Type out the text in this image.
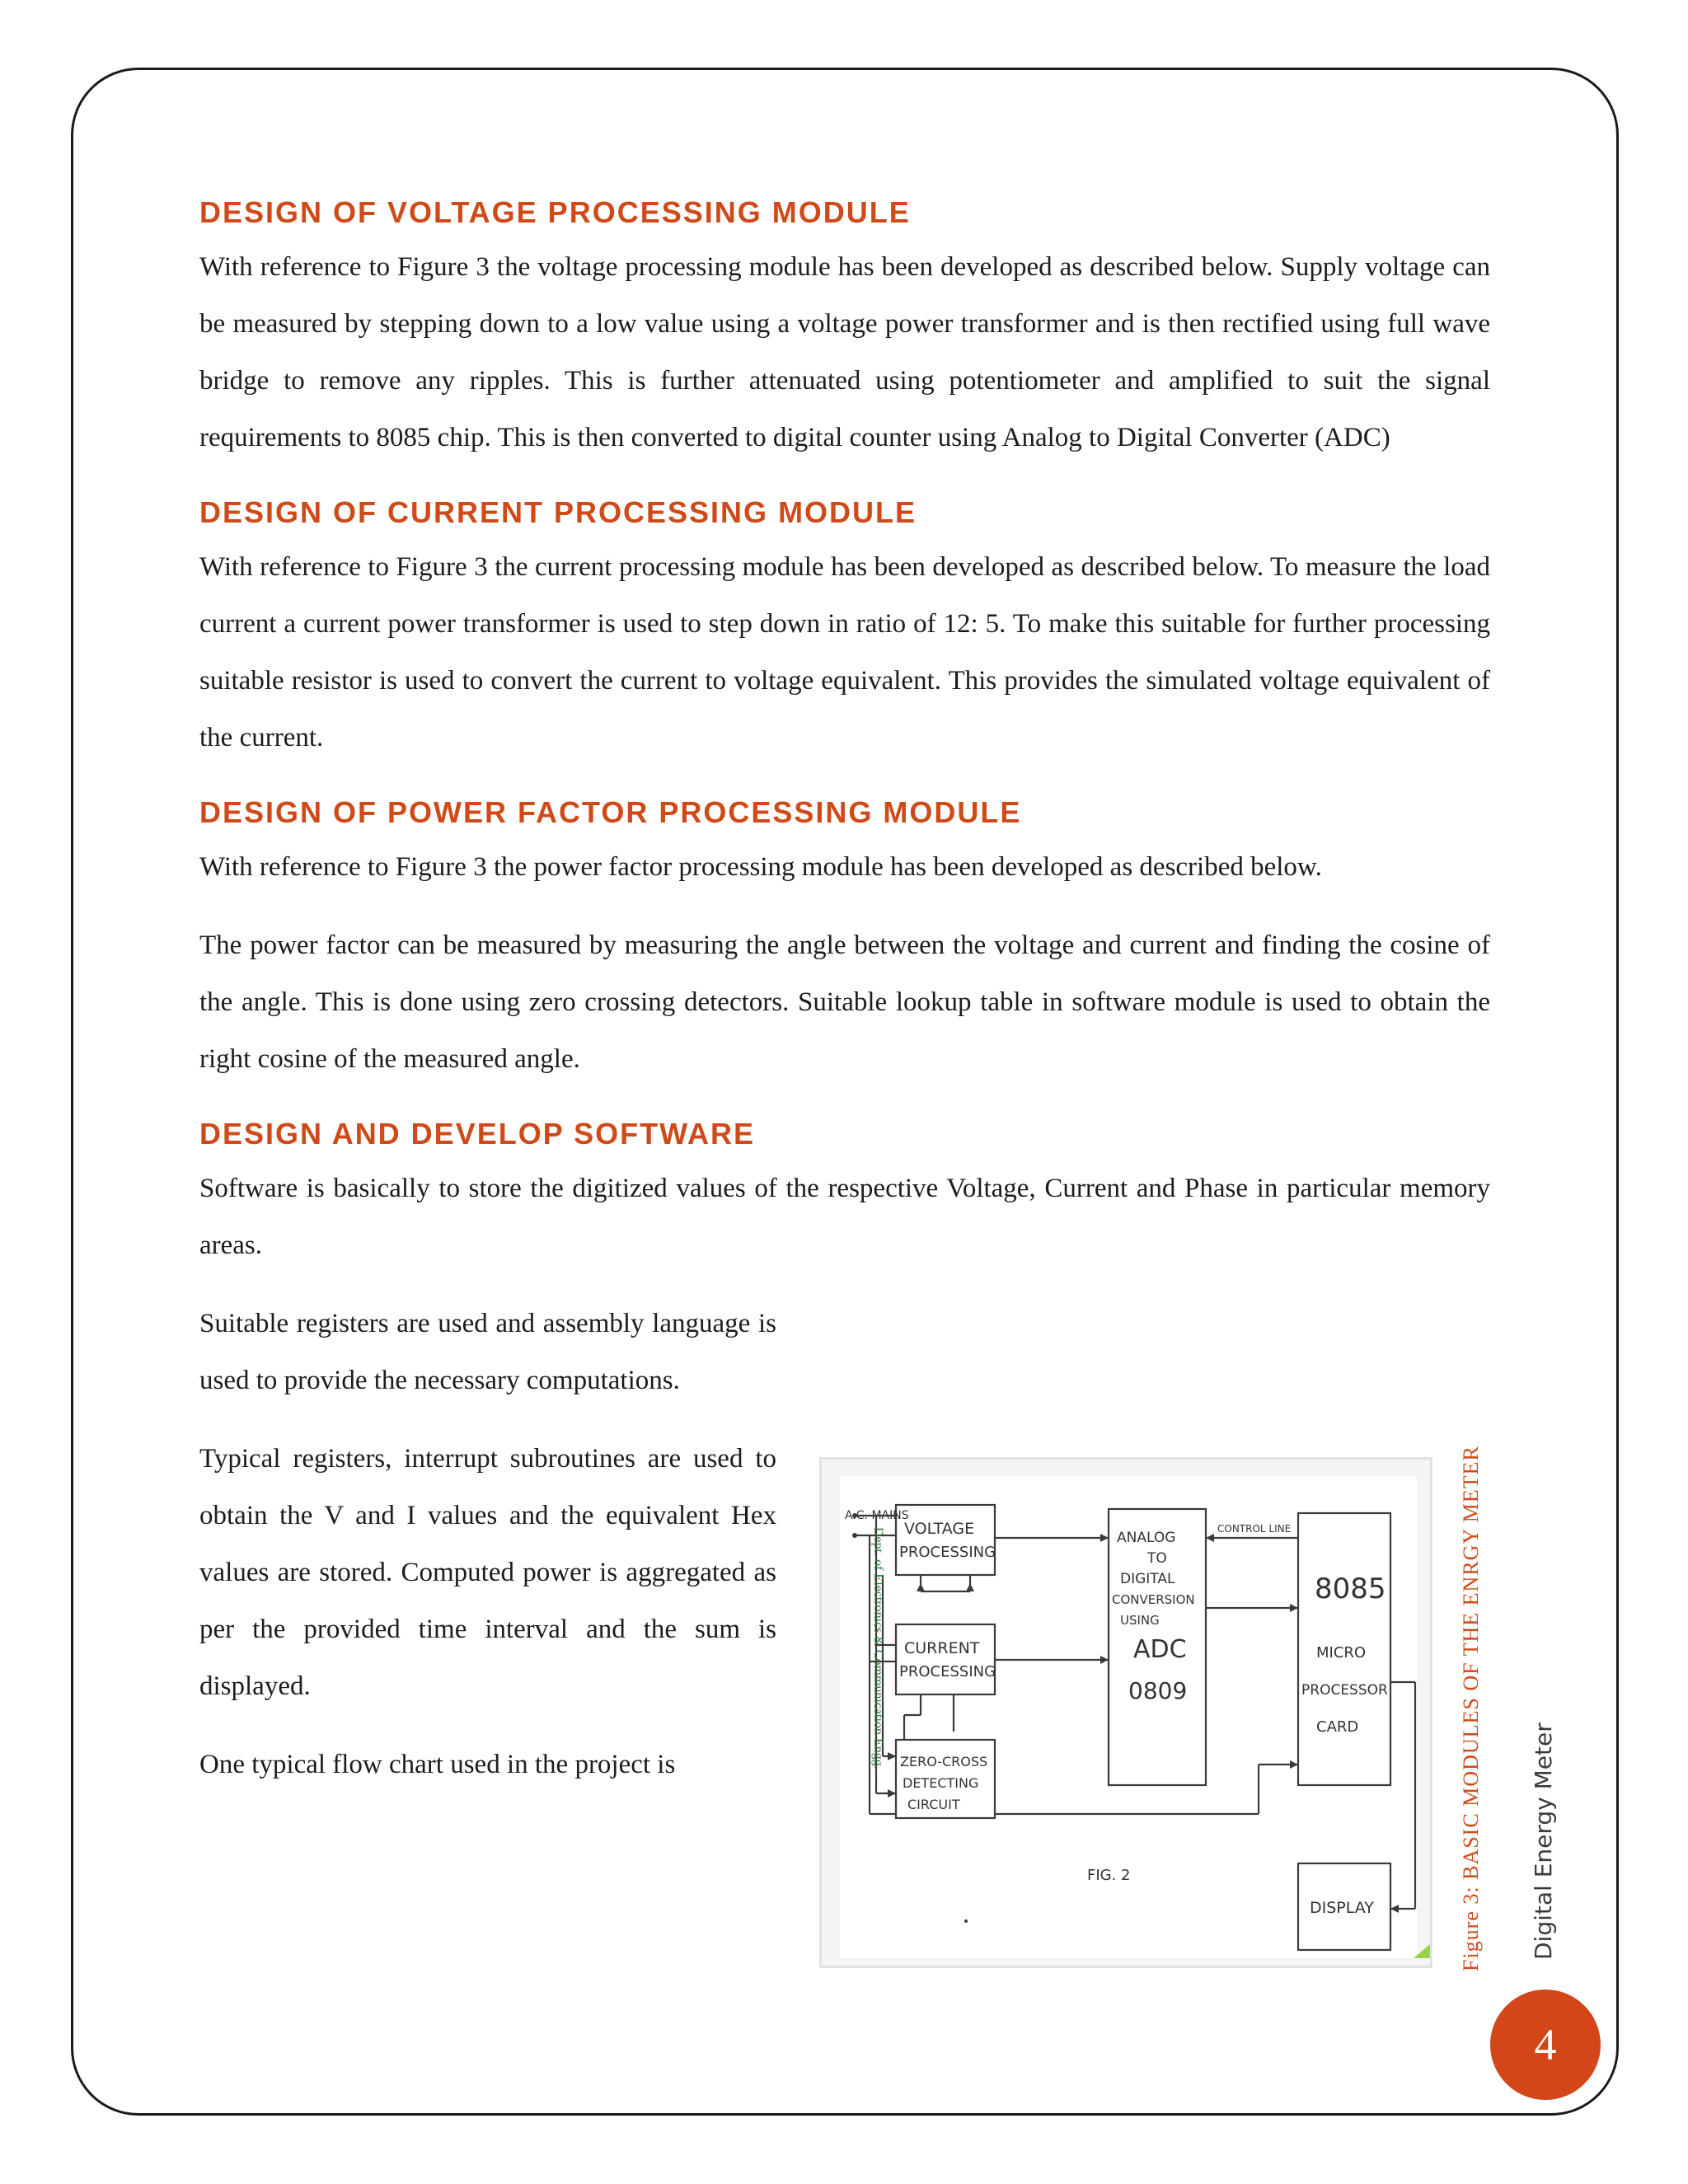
DESIGN OF VOLTAGE PROCESSING MODULE

With reference to Figure 3 the voltage processing module has been developed as described below. Supply voltage can be measured by stepping down to a low value using a voltage power transformer and is then rectified using full wave bridge to remove any ripples. This is further attenuated using potentiometer and amplified to suit the signal requirements to 8085 chip. This is then converted to digital counter using Analog to Digital Converter (ADC)

DESIGN OF CURRENT PROCESSING MODULE

With reference to Figure 3 the current processing module has been developed as described below. To measure the load current a current power transformer is used to step down in ratio of 12: 5. To make this suitable for further processing suitable resistor is used to convert the current to voltage equivalent. This provides the simulated voltage equivalent of the current.

DESIGN OF POWER FACTOR PROCESSING MODULE

With reference to Figure 3 the power factor processing module has been developed as described below.

The power factor can be measured by measuring the angle between the voltage and current and finding the cosine of the angle. This is done using zero crossing detectors. Suitable lookup table in software module is used to obtain the right cosine of the measured angle.

DESIGN AND DEVELOP SOFTWARE

Software is basically to store the digitized values of the respective Voltage, Current and Phase in particular memory areas.

Suitable registers are used and assembly language is used to provide the necessary computations.

Typical registers, interrupt subroutines are used to obtain the V and I values and the equivalent Hex values are stored. Computed power is aggregated as per the provided time interval and the sum is displayed.

One typical flow chart used in the project is

A.C. MAINS
VOLTAGE
PROCESSING
CURRENT
PROCESSING
ZERO-CROSS
DETECTING
CIRCUIT
ANALOG
TO
DIGITAL
CONVERSION
USING
ADC
0809
CONTROL LINE
8085
MICRO
PROCESSOR
CARD
DISPLAY
FIG. 2
Dept. of Electronics & Communication Engg.	Figure 3: BASIC MODULES OF THE ENRGY METER Digital Energy Meter
4
